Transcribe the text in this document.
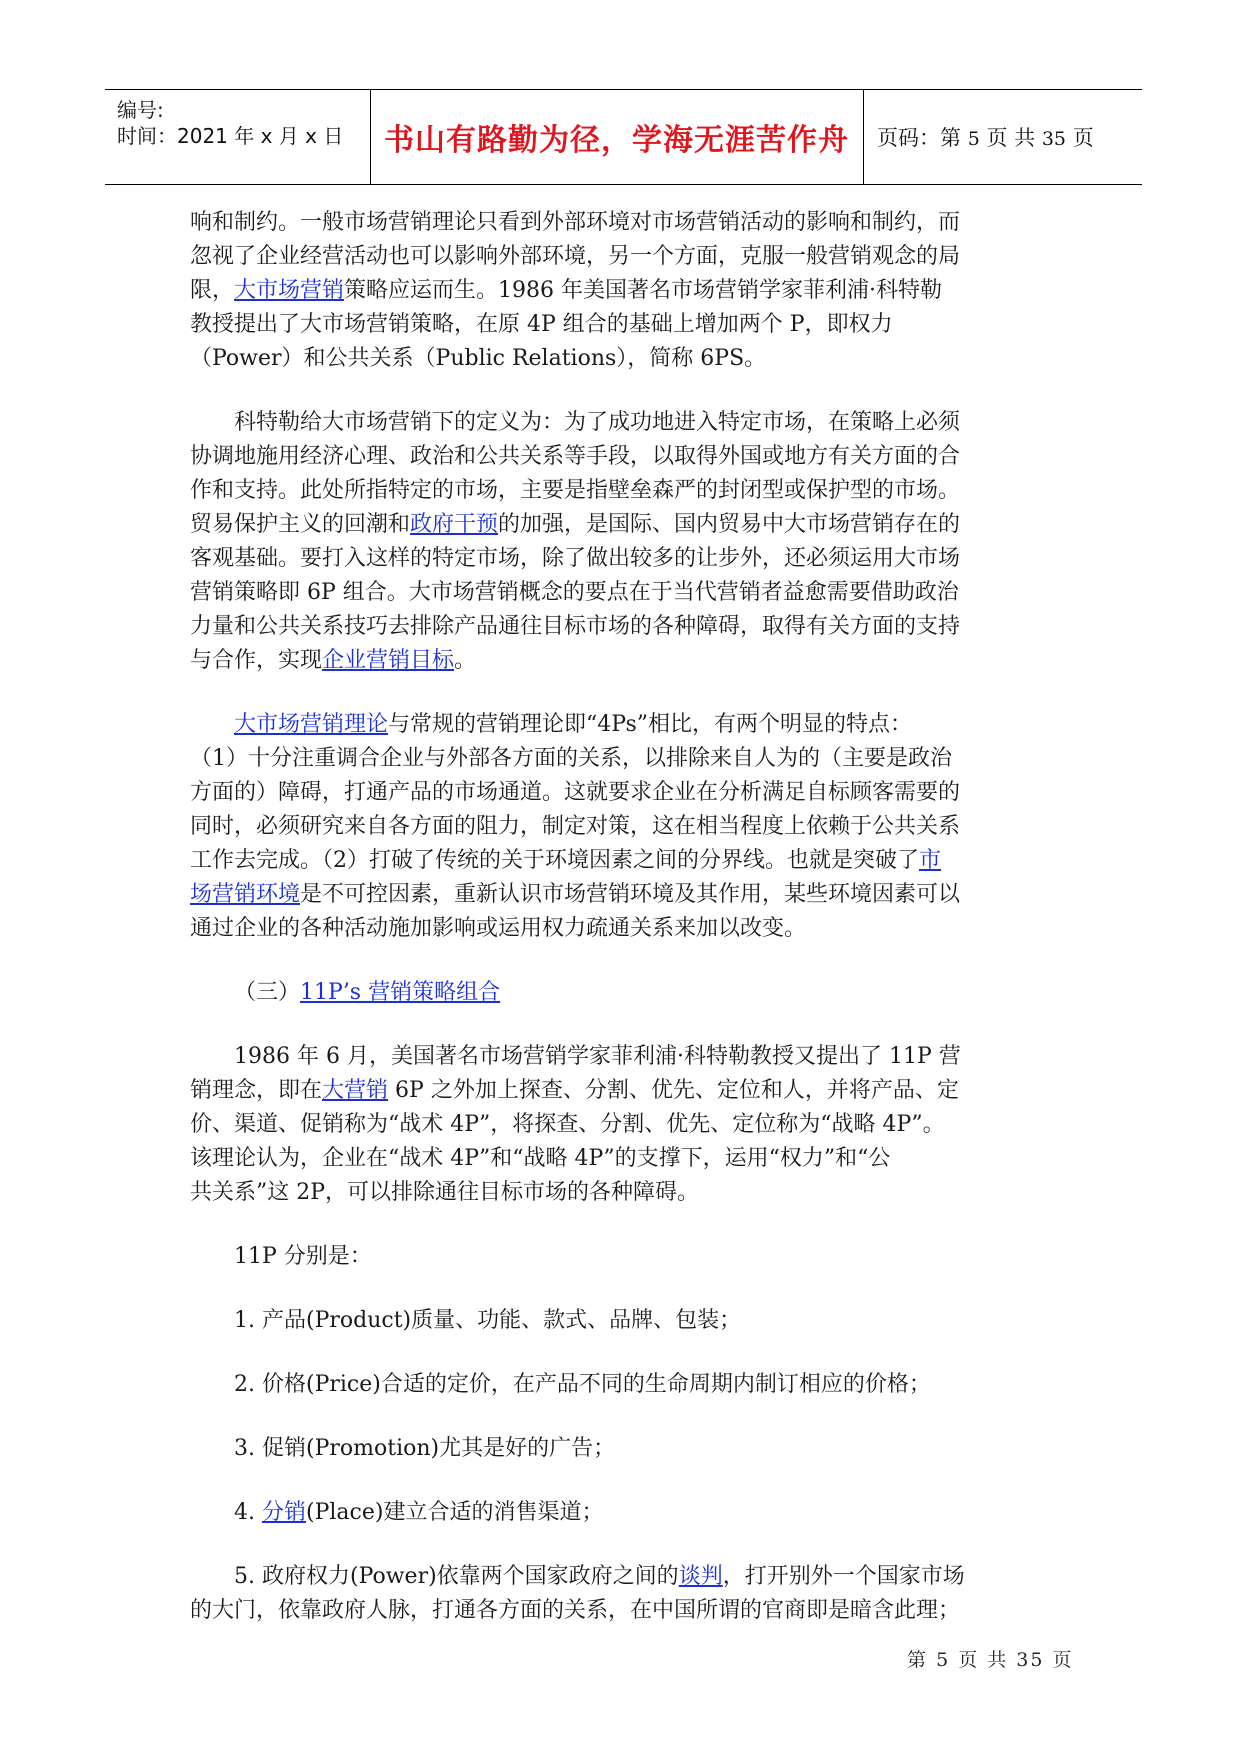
编号:
时间：2021 年 x 月 x 日 书山有路勤为径，学海无涯苦作舟 页码：第 5 页 共 35 页

响和制约。一般市场营销理论只看到外部环境对市场营销活动的影响和制约，而

忽视了企业经营活动也可以影响外部环境，另一个方面，克服一般营销观念的局

限，大市场营销策略应运而生。1986 年美国著名市场营销学家菲利浦·科特勒

教授提出了大市场营销策略，在原 4P 组合的基础上增加两个 P，即权力

（Power）和公共关系（Public Relations），简称 6PS。

科特勒给大市场营销下的定义为：为了成功地进入特定市场，在策略上必须

协调地施用经济心理、政治和公共关系等手段，以取得外国或地方有关方面的合

作和支持。此处所指特定的市场，主要是指壁垒森严的封闭型或保护型的市场。

贸易保护主义的回潮和政府干预的加强，是国际、国内贸易中大市场营销存在的

客观基础。要打入这样的特定市场，除了做出较多的让步外，还必须运用大市场

营销策略即 6P 组合。大市场营销概念的要点在于当代营销者益愈需要借助政治

力量和公共关系技巧去排除产品通往目标市场的各种障碍，取得有关方面的支持

与合作，实现企业营销目标。

大市场营销理论与常规的营销理论即“4Ps”相比，有两个明显的特点：

（1）十分注重调合企业与外部各方面的关系，以排除来自人为的（主要是政治

方面的）障碍，打通产品的市场通道。这就要求企业在分析满足自标顾客需要的

同时，必须研究来自各方面的阻力，制定对策，这在相当程度上依赖于公共关系

工作去完成。（2）打破了传统的关于环境因素之间的分界线。也就是突破了市

场营销环境是不可控因素，重新认识市场营销环境及其作用，某些环境因素可以

通过企业的各种活动施加影响或运用权力疏通关系来加以改变。

（三）11P’s 营销策略组合

1986 年 6 月，美国著名市场营销学家菲利浦·科特勒教授又提出了 11P 营

销理念，即在大营销 6P 之外加上探查、分割、优先、定位和人，并将产品、定

价、渠道、促销称为“战术 4P”，将探查、分割、优先、定位称为“战略 4P”。

该理论认为，企业在“战术 4P”和“战略 4P”的支撑下，运用“权力”和“公

共关系”这 2P，可以排除通往目标市场的各种障碍。

11P 分别是：

1. 产品(Product)质量、功能、款式、品牌、包装；

2. 价格(Price)合适的定价，在产品不同的生命周期内制订相应的价格；

3. 促销(Promotion)尤其是好的广告；

4. 分销(Place)建立合适的消售渠道；

5. 政府权力(Power)依靠两个国家政府之间的谈判，打开别外一个国家市场

的大门，依靠政府人脉，打通各方面的关系，在中国所谓的官商即是暗含此理；

第 5 页 共 35 页
